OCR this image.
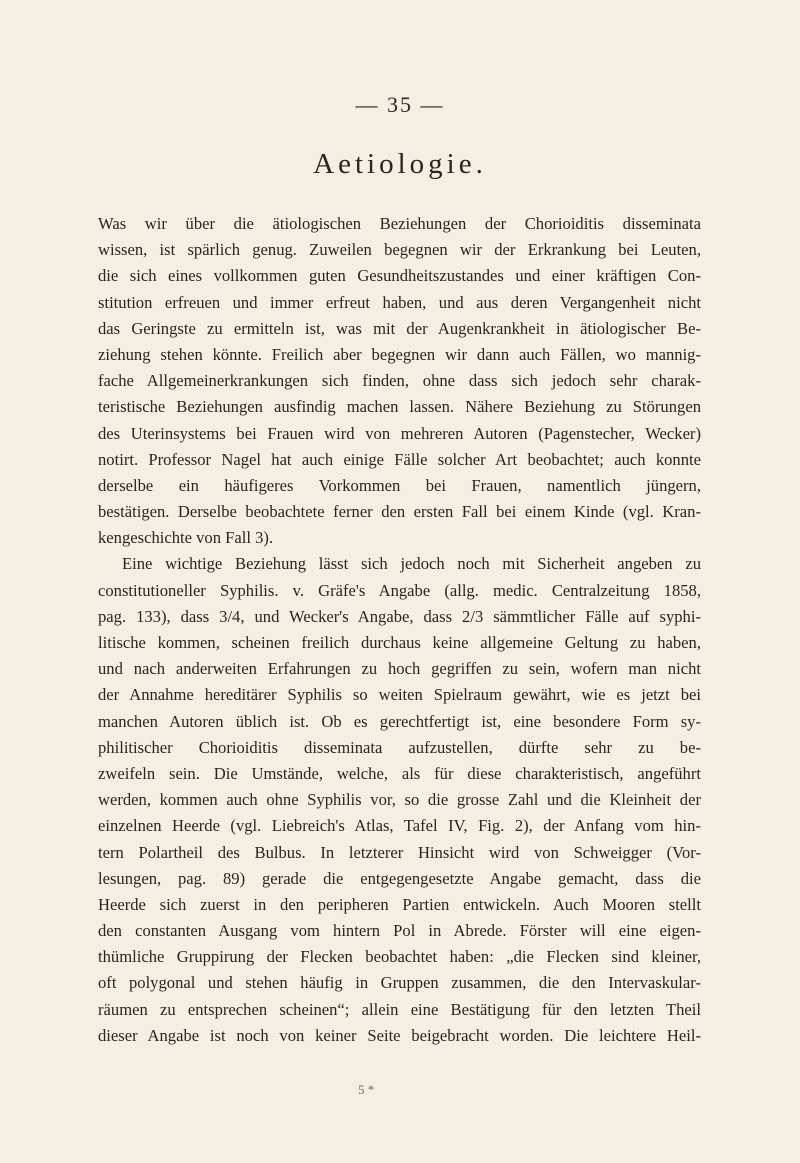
— 35 —
Aetiologie.
Was wir über die ätiologischen Beziehungen der Chorioiditis disseminata
wissen, ist spärlich genug. Zuweilen begegnen wir der Erkrankung bei Leuten,
die sich eines vollkommen guten Gesundheitszustandes und einer kräftigen Con-
stitution erfreuen und immer erfreut haben, und aus deren Vergangenheit nicht
das Geringste zu ermitteln ist, was mit der Augenkrankheit in ätiologischer Be-
ziehung stehen könnte. Freilich aber begegnen wir dann auch Fällen, wo mannig-
fache Allgemeinerkrankungen sich finden, ohne dass sich jedoch sehr charak-
teristische Beziehungen ausfindig machen lassen. Nähere Beziehung zu Störungen
des Uterinsystems bei Frauen wird von mehreren Autoren (Pagenstecher, Wecker)
notirt. Professor Nagel hat auch einige Fälle solcher Art beobachtet; auch konnte
derselbe ein häufigeres Vorkommen bei Frauen, namentlich jüngern,
bestätigen. Derselbe beobachtete ferner den ersten Fall bei einem Kinde (vgl. Kran-
kengeschichte von Fall 3).
Eine wichtige Beziehung lässt sich jedoch noch mit Sicherheit angeben zu
constitutioneller Syphilis. v. Gräfe's Angabe (allg. medic. Centralzeitung 1858,
pag. 133), dass 3/4, und Wecker's Angabe, dass 2/3 sämmtlicher Fälle auf syphi-
litische kommen, scheinen freilich durchaus keine allgemeine Geltung zu haben,
und nach anderweiten Erfahrungen zu hoch gegriffen zu sein, wofern man nicht
der Annahme hereditärer Syphilis so weiten Spielraum gewährt, wie es jetzt bei
manchen Autoren üblich ist. Ob es gerechtfertigt ist, eine besondere Form sy-
philitischer Chorioiditis disseminata aufzustellen, dürfte sehr zu be-
zweifeln sein. Die Umstände, welche, als für diese charakteristisch, angeführt
werden, kommen auch ohne Syphilis vor, so die grosse Zahl und die Kleinheit der
einzelnen Heerde (vgl. Liebreich's Atlas, Tafel IV, Fig. 2), der Anfang vom hin-
tern Polartheil des Bulbus. In letzterer Hinsicht wird von Schweigger (Vor-
lesungen, pag. 89) gerade die entgegengesetzte Angabe gemacht, dass die
Heerde sich zuerst in den peripheren Partien entwickeln. Auch Mooren stellt
den constanten Ausgang vom hintern Pol in Abrede. Förster will eine eigen-
thümliche Gruppirung der Flecken beobachtet haben: „die Flecken sind kleiner,
oft polygonal und stehen häufig in Gruppen zusammen, die den Intervaskular-
räumen zu entsprechen scheinen“; allein eine Bestätigung für den letzten Theil
dieser Angabe ist noch von keiner Seite beigebracht worden. Die leichtere Heil-
5 *
